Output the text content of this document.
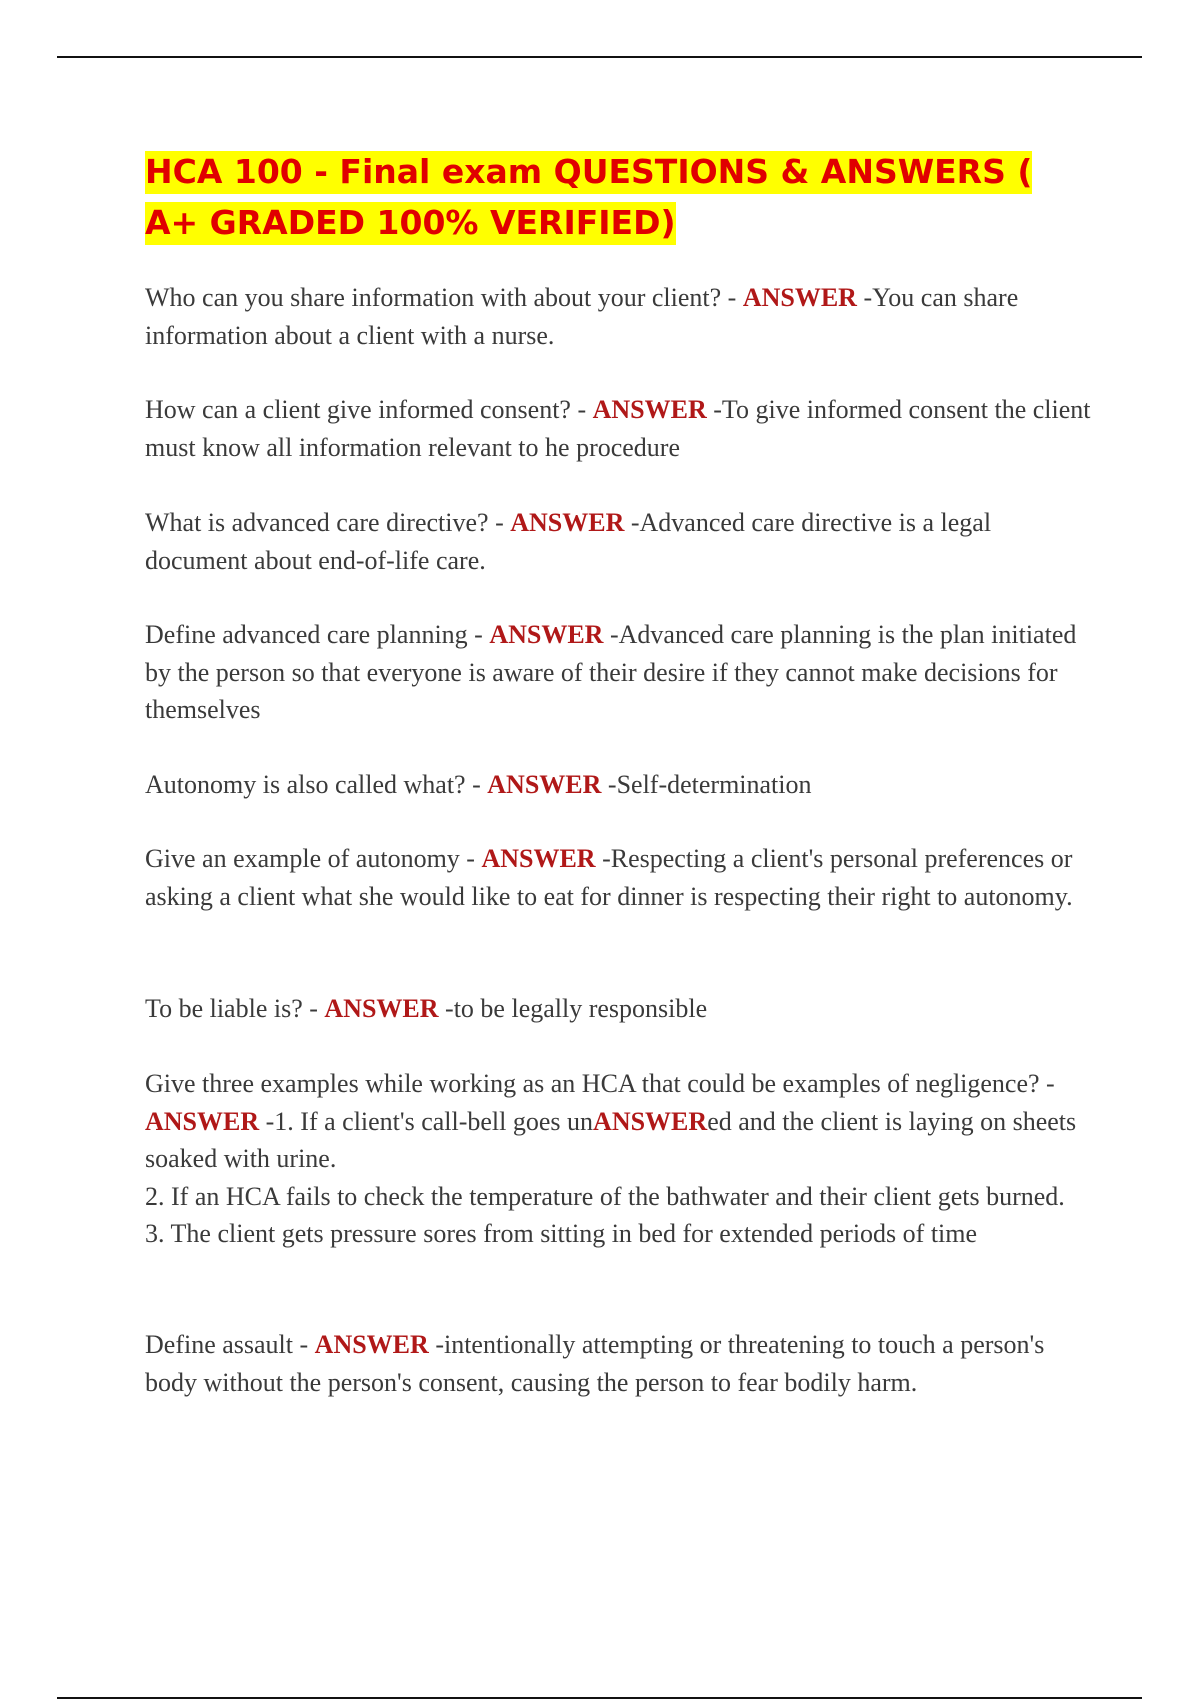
HCA 100 - Final exam QUESTIONS & ANSWERS ( A+ GRADED 100% VERIFIED)

Who can you share information with about your client? - ANSWER -You can share information about a client with a nurse.

How can a client give informed consent? - ANSWER -To give informed consent the client must know all information relevant to he procedure

What is advanced care directive? - ANSWER -Advanced care directive is a legal document about end-of-life care.

Define advanced care planning - ANSWER -Advanced care planning is the plan initiated by the person so that everyone is aware of their desire if they cannot make decisions for themselves

Autonomy is also called what? - ANSWER -Self-determination

Give an example of autonomy - ANSWER -Respecting a client's personal preferences or asking a client what she would like to eat for dinner is respecting their right to autonomy.

To be liable is? - ANSWER -to be legally responsible

Give three examples while working as an HCA that could be examples of negligence? - ANSWER -1. If a client's call-bell goes unANSWERed and the client is laying on sheets soaked with urine.
2. If an HCA fails to check the temperature of the bathwater and their client gets burned.
3. The client gets pressure sores from sitting in bed for extended periods of time

Define assault - ANSWER -intentionally attempting or threatening to touch a person's body without the person's consent, causing the person to fear bodily harm.
